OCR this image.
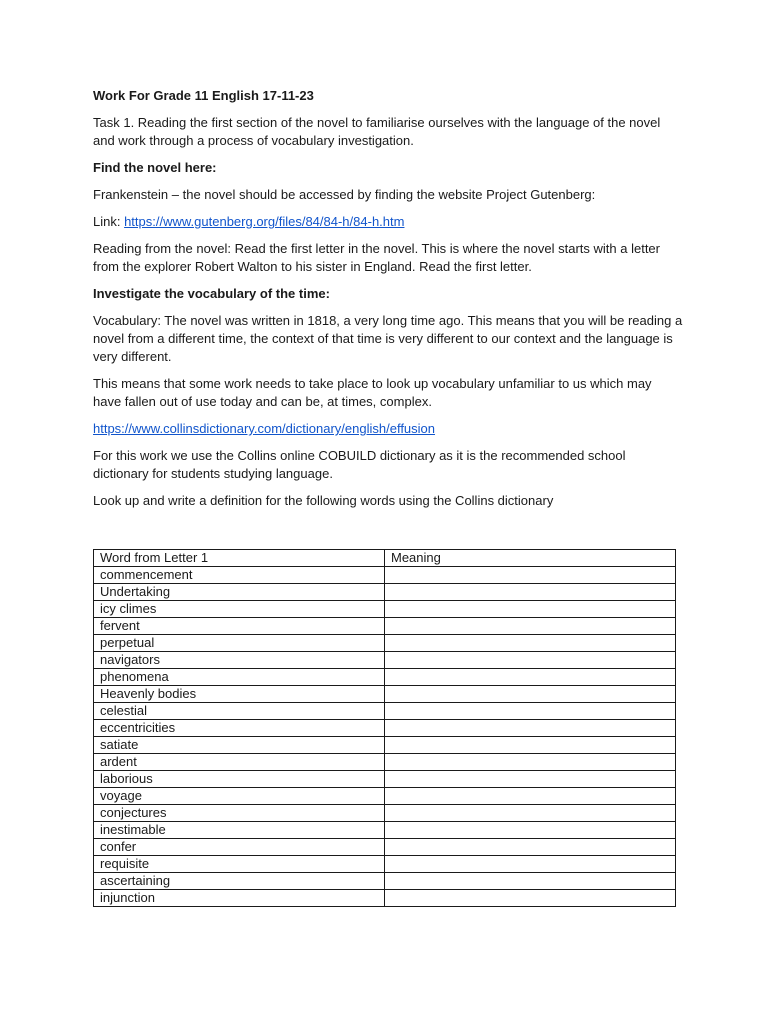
Work For Grade 11 English 17-11-23

Task 1. Reading the first section of the novel to familiarise ourselves with the language of the novel and work through a process of vocabulary investigation.

Find the novel here:

Frankenstein – the novel should be accessed by finding the website Project Gutenberg:

Link: https://www.gutenberg.org/files/84/84-h/84-h.htm

Reading from the novel: Read the first letter in the novel. This is where the novel starts with a letter from the explorer Robert Walton to his sister in England. Read the first letter.

Investigate the vocabulary of the time:

Vocabulary: The novel was written in 1818, a very long time ago. This means that you will be reading a novel from a different time, the context of that time is very different to our context and the language is very different.

This means that some work needs to take place to look up vocabulary unfamiliar to us which may have fallen out of use today and can be, at times, complex.

https://www.collinsdictionary.com/dictionary/english/effusion

For this work we use the Collins online COBUILD dictionary as it is the recommended school dictionary for students studying language.

Look up and write a definition for the following words using the Collins dictionary

Word from Letter 1	Meaning
commencement	
Undertaking	
icy climes	
fervent	
perpetual	
navigators	
phenomena	
Heavenly bodies	
celestial	
eccentricities	
satiate	
ardent	
laborious	
voyage	
conjectures	
inestimable	
confer	
requisite	
ascertaining	
injunction	
